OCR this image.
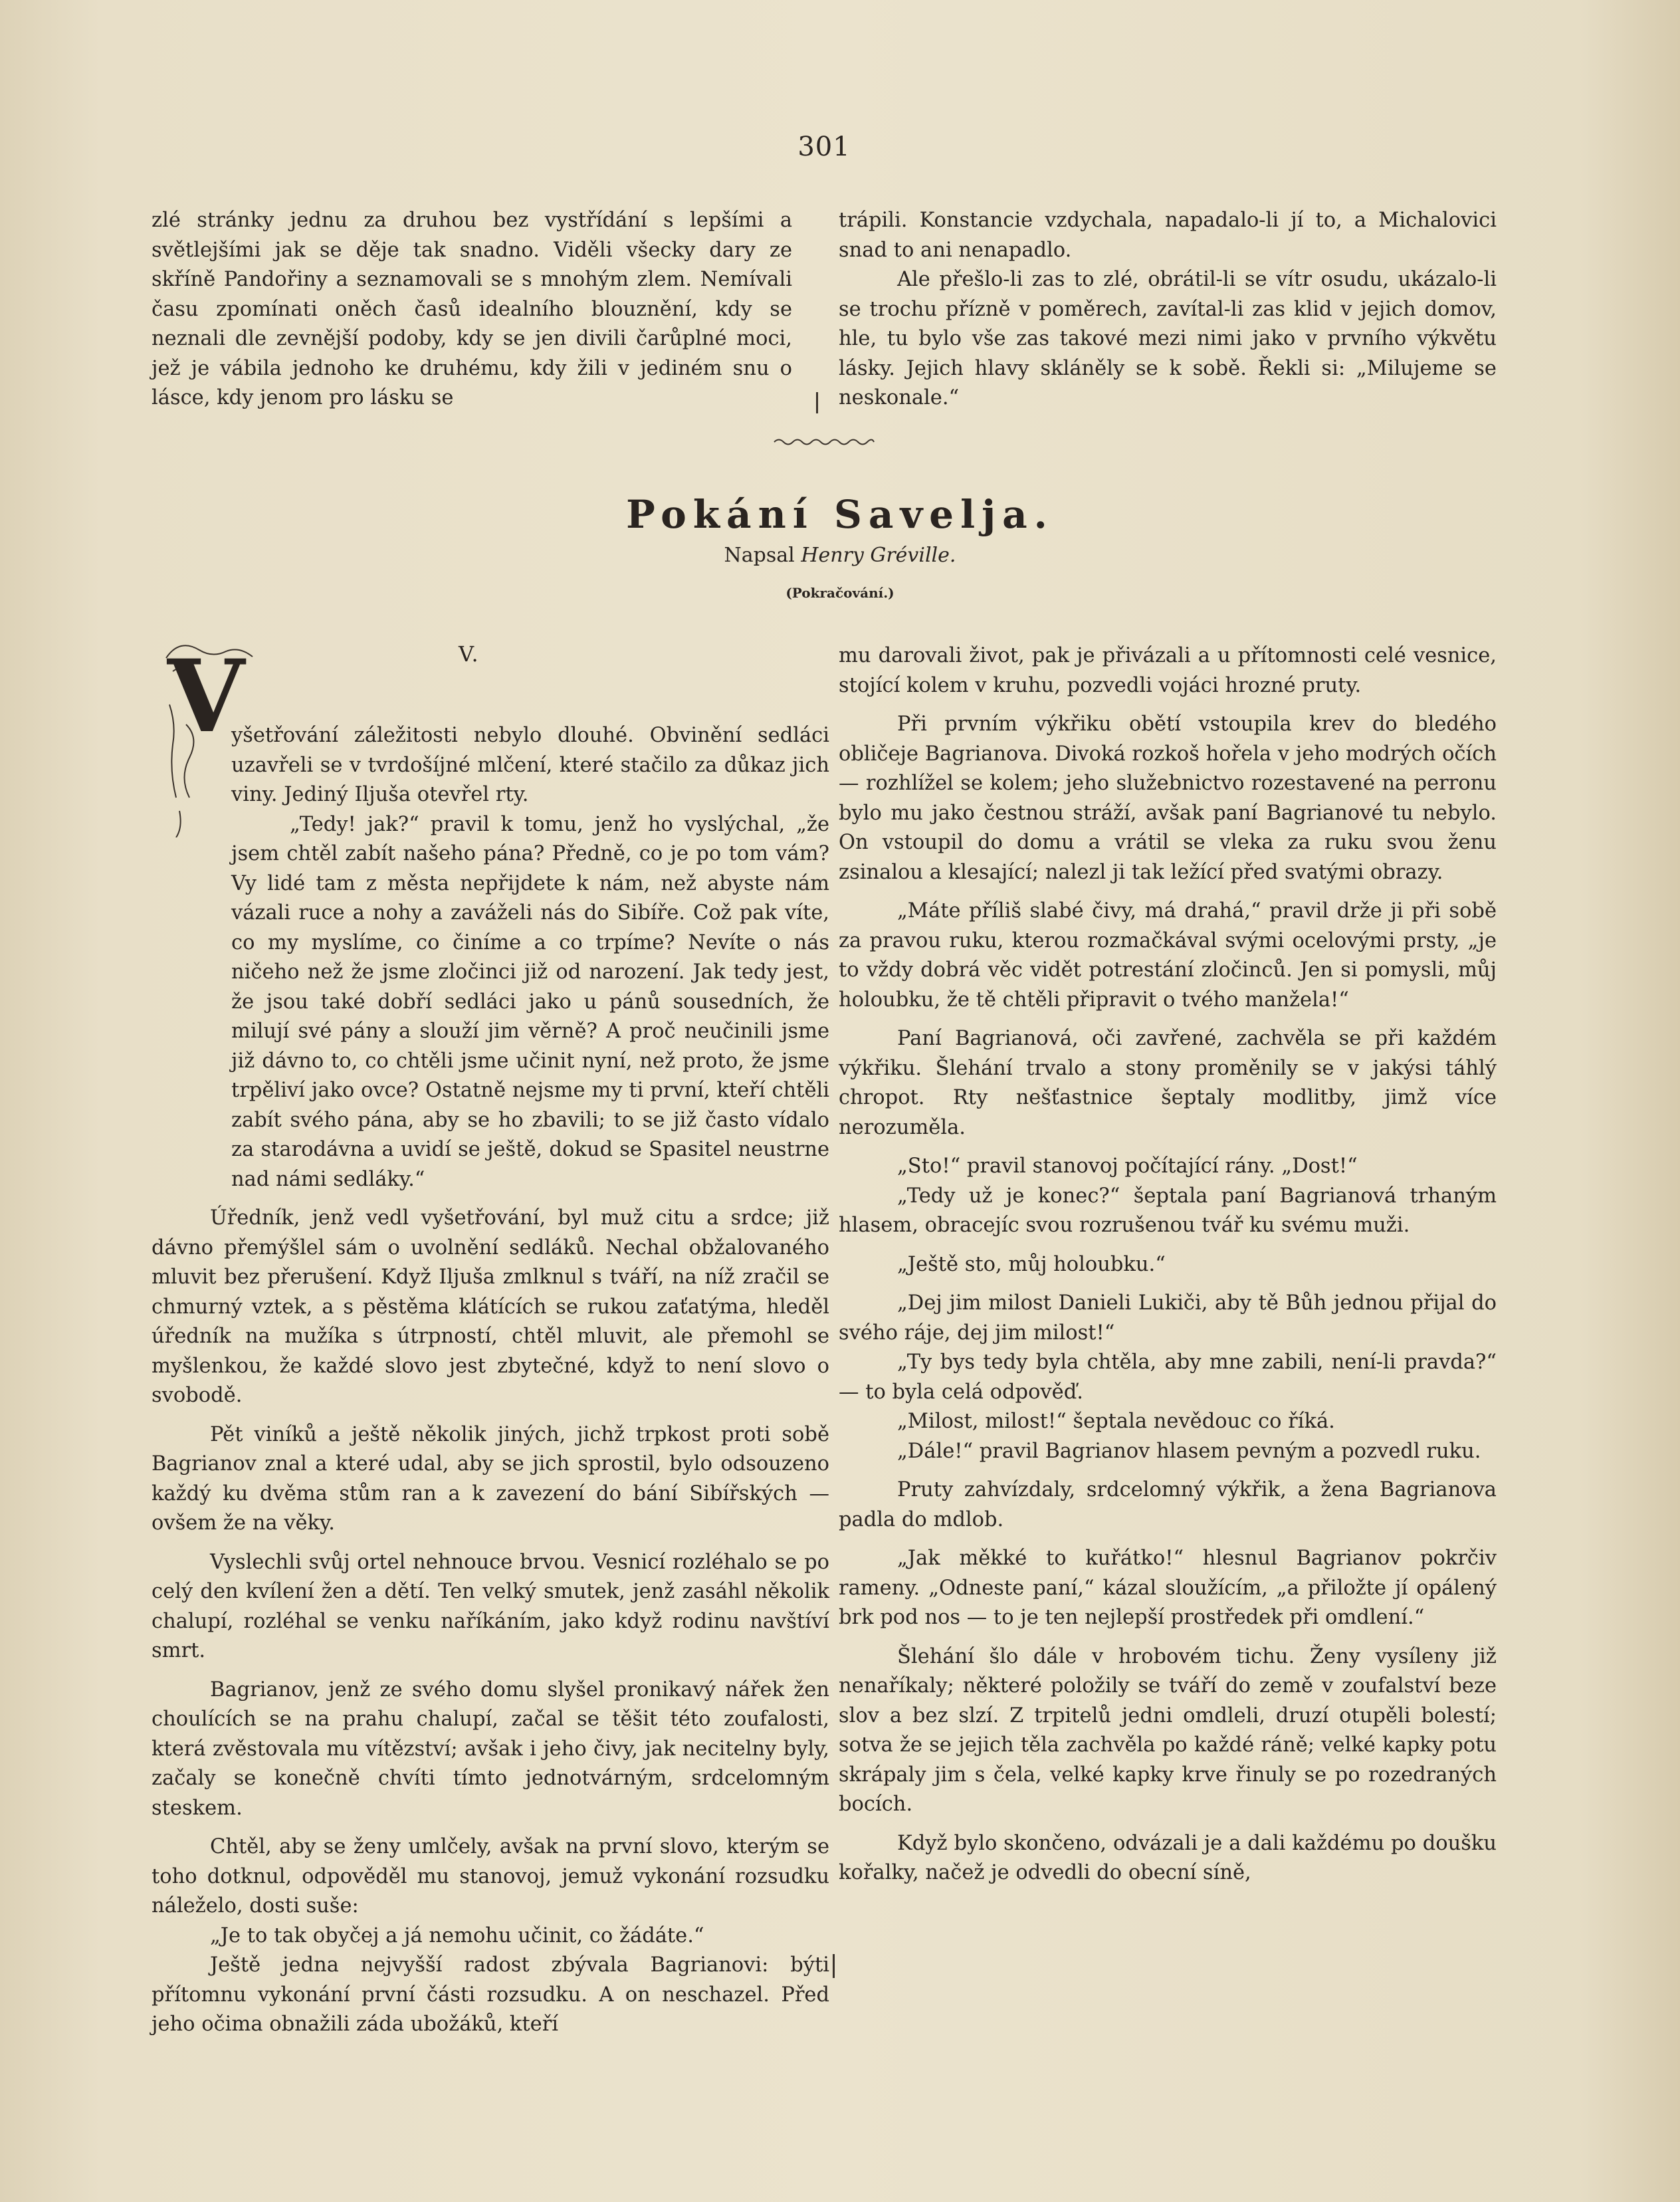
301

zlé stránky jednu za druhou bez vystřídání s lepšími a světlejšími jak se děje tak snadno. Viděli všecky dary ze skříně Pandořiny a seznamovali se s mnohým zlem. Nemívali času zpomínati oněch časů idealního blouznění, kdy se neznali dle zevnější podoby, kdy se jen divili čarůplné moci, jež je vábila jednoho ke druhému, kdy žili v jediném snu o lásce, kdy jenom pro lásku se

trápili. Konstancie vzdychala, napadalo-li jí to, a Michalovici snad to ani nenapadlo.

Ale přešlo-li zas to zlé, obrátil-li se vítr osudu, ukázalo-li se trochu přízně v poměrech, zavítal-li zas klid v jejich domov, hle, tu bylo vše zas takové mezi nimi jako v prvního výkvětu lásky. Jejich hlavy skláněly se k sobě. Řekli si: „Milujeme se neskonale.“

Pokání Savelja.
Napsal Henry Gréville.
(Pokračování.)
V.
V

yšetřování záležitosti nebylo dlouhé. Obvinění sedláci uzavřeli se v tvrdošíjné mlčení, které stačilo za důkaz jich viny. Jediný Iljuša otevřel rty.

„Tedy! jak?“ pravil k tomu, jenž ho vyslýchal, „že jsem chtěl zabít našeho pána? Předně, co je po tom vám? Vy lidé tam z města nepřijdete k nám, než abyste nám vázali ruce a nohy a zaváželi nás do Sibíře. Což pak víte, co my myslíme, co činíme a co trpíme? Nevíte o nás ničeho než že jsme zločinci již od narození. Jak tedy jest, že jsou také dobří sedláci jako u pánů sousedních, že milují své pány a slouží jim věrně? A proč neučinili jsme již dávno to, co chtěli jsme učinit nyní, než proto, že jsme trpěliví jako ovce? Ostatně nejsme my ti první, kteří chtěli zabít svého pána, aby se ho zbavili; to se již často vídalo za starodávna a uvidí se ještě, dokud se Spasitel neustrne nad námi sedláky.“

Úředník, jenž vedl vyšetřování, byl muž citu a srdce; již dávno přemýšlel sám o uvolnění sedláků. Nechal obžalovaného mluvit bez přerušení. Když Iljuša zmlknul s tváří, na níž zračil se chmurný vztek, a s pěstěma klátících se rukou zaťatýma, hleděl úředník na mužíka s útrpností, chtěl mluvit, ale přemohl se myšlenkou, že každé slovo jest zbytečné, když to není slovo o svobodě.

Pět viníků a ještě několik jiných, jichž trpkost proti sobě Bagrianov znal a které udal, aby se jich sprostil, bylo odsouzeno každý ku dvěma stům ran a k zavezení do bání Sibířských — ovšem že na věky.

Vyslechli svůj ortel nehnouce brvou. Vesnicí rozléhalo se po celý den kvílení žen a dětí. Ten velký smutek, jenž zasáhl několik chalupí, rozléhal se venku naříkáním, jako když rodinu navštíví smrt.

Bagrianov, jenž ze svého domu slyšel pronikavý nářek žen choulících se na prahu chalupí, začal se těšit této zoufalosti, která zvěstovala mu vítězství; avšak i jeho čivy, jak necitelny byly, začaly se konečně chvíti tímto jednotvárným, srdcelomným steskem.

Chtěl, aby se ženy umlčely, avšak na první slovo, kterým se toho dotknul, odpověděl mu stanovoj, jemuž vykonání rozsudku náleželo, dosti suše:

„Je to tak obyčej a já nemohu učinit, co žádáte.“

Ještě jedna nejvyšší radost zbývala Bagrianovi: býti přítomnu vykonání první části rozsudku. A on neschazel. Před jeho očima obnažili záda ubožáků, kteří

mu darovali život, pak je přivázali a u přítomnosti celé vesnice, stojící kolem v kruhu, pozvedli vojáci hrozné pruty.

Při prvním výkřiku obětí vstoupila krev do bledého obličeje Bagrianova. Divoká rozkoš hořela v jeho modrých očích — rozhlížel se kolem; jeho služebnictvo rozestavené na perronu bylo mu jako čestnou stráží, avšak paní Bagrianové tu nebylo. On vstoupil do domu a vrátil se vleka za ruku svou ženu zsinalou a klesající; nalezl ji tak ležící před svatými obrazy.

„Máte příliš slabé čivy, má drahá,“ pravil drže ji při sobě za pravou ruku, kterou rozmačkával svými ocelovými prsty, „je to vždy dobrá věc vidět potrestání zločinců. Jen si pomysli, můj holoubku, že tě chtěli připravit o tvého manžela!“

Paní Bagrianová, oči zavřené, zachvěla se při každém výkřiku. Šlehání trvalo a stony proměnily se v jakýsi táhlý chropot. Rty nešťastnice šeptaly modlitby, jimž více nerozuměla.

„Sto!“ pravil stanovoj počítající rány. „Dost!“

„Tedy už je konec?“ šeptala paní Bagrianová trhaným hlasem, obracejíc svou rozrušenou tvář ku svému muži.

„Ještě sto, můj holoubku.“

„Dej jim milost Danieli Lukiči, aby tě Bůh jednou přijal do svého ráje, dej jim milost!“

„Ty bys tedy byla chtěla, aby mne zabili, není-li pravda?“ — to byla celá odpověď.

„Milost, milost!“ šeptala nevědouc co říká.

„Dále!“ pravil Bagrianov hlasem pevným a pozvedl ruku.

Pruty zahvízdaly, srdcelomný výkřik, a žena Bagrianova padla do mdlob.

„Jak měkké to kuřátko!“ hlesnul Bagrianov pokrčiv rameny. „Odneste paní,“ kázal sloužícím, „a přiložte jí opálený brk pod nos — to je ten nejlepší prostředek při omdlení.“

Šlehání šlo dále v hrobovém tichu. Ženy vysíleny již nenaříkaly; některé položily se tváří do země v zoufalství beze slov a bez slzí. Z trpitelů jedni omdleli, druzí otupěli bolestí; sotva že se jejich těla zachvěla po každé ráně; velké kapky potu skrápaly jim s čela, velké kapky krve řinuly se po rozedraných bocích.

Když bylo skončeno, odvázali je a dali každému po doušku kořalky, načež je odvedli do obecní síně,
